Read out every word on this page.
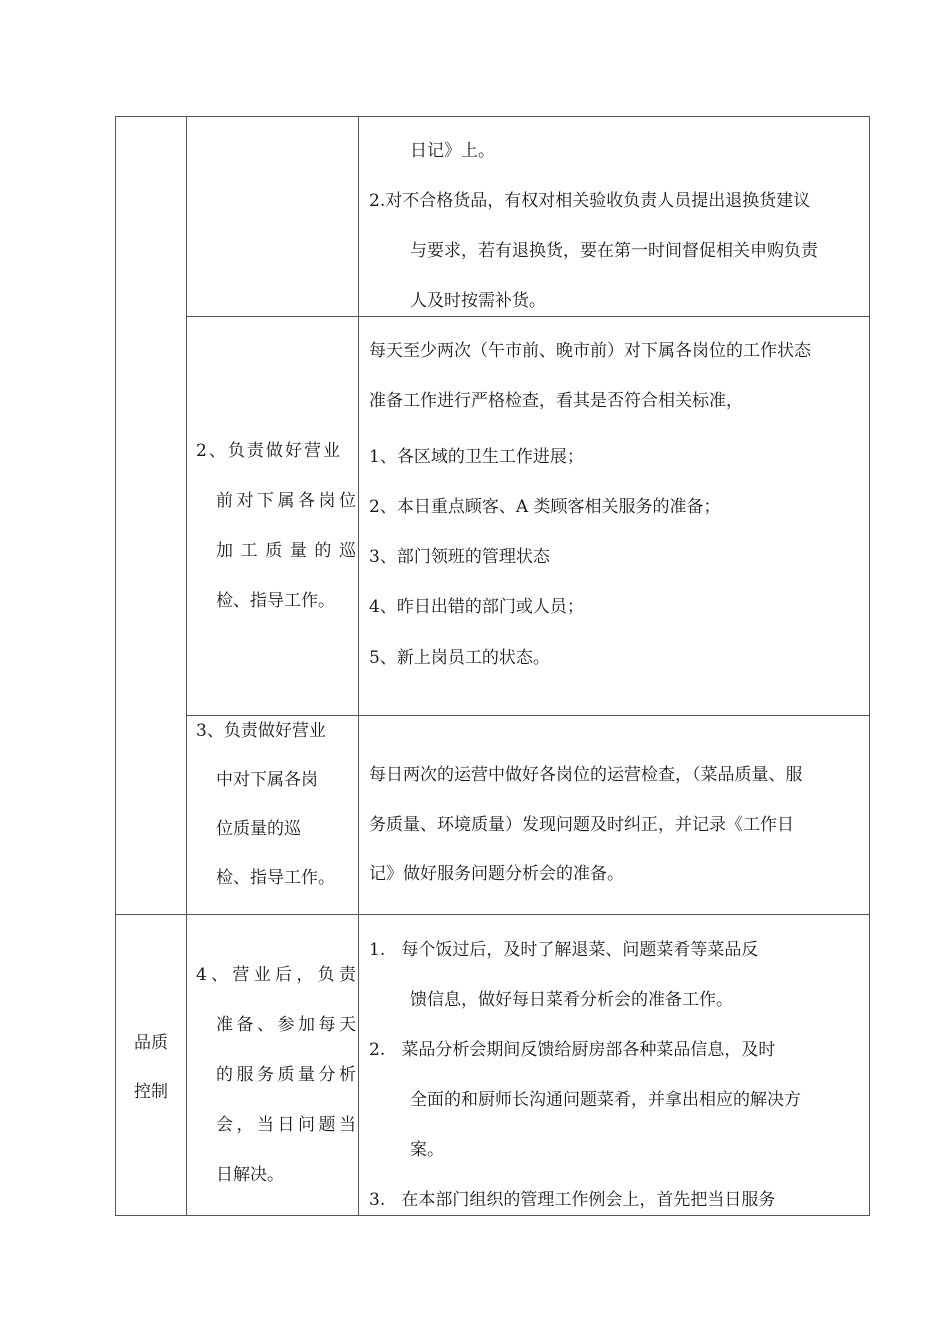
日记》上。
2.对不合格货品，有权对相关验收负责人员提出退换货建议
与要求，若有退换货，要在第一时间督促相关申购负责
人及时按需补货。
2、负责做好营业
前对下属各岗位
加工质量的巡
检、指导工作。
每天至少两次（午市前、晚市前）对下属各岗位的工作状态
准备工作进行严格检查，看其是否符合相关标准，
1、各区域的卫生工作进展；
2、本日重点顾客、A 类顾客相关服务的准备；
3、部门领班的管理状态
4、昨日出错的部门或人员；
5、新上岗员工的状态。
3、负责做好营业
中对下属各岗
位质量的巡
检、指导工作。
每日两次的运营中做好各岗位的运营检查，（菜品质量、服
务质量、环境质量）发现问题及时纠正，并记录《工作日
记》做好服务问题分析会的准备。
品质
控制
4、营业后，负责
准备、参加每天
的服务质量分析
会，当日问题当
日解决。
1.   每个饭过后，及时了解退菜、问题菜肴等菜品反
馈信息，做好每日菜肴分析会的准备工作。
2.   菜品分析会期间反馈给厨房部各种菜品信息，及时
全面的和厨师长沟通问题菜肴，并拿出相应的解决方
案。
3.   在本部门组织的管理工作例会上，首先把当日服务
